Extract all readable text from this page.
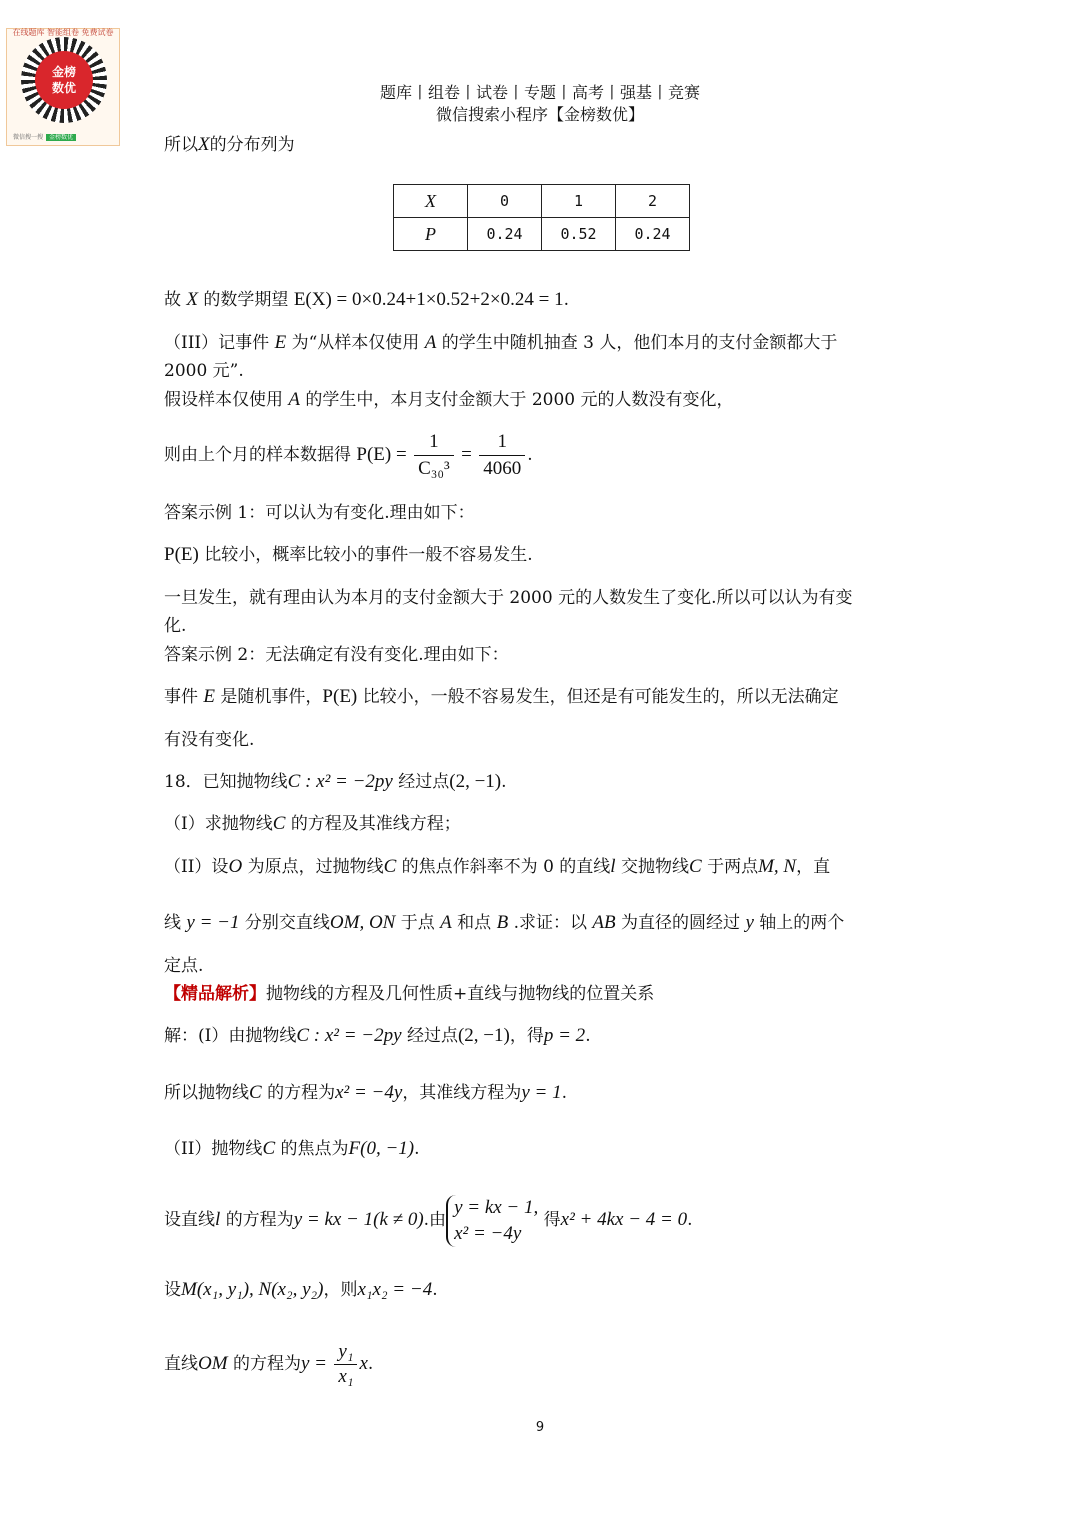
在线题库 智能组卷 免费试卷
金榜
数优
微信搜一搜 金榜数优
题库丨组卷丨试卷丨专题丨高考丨强基丨竞赛
微信搜索小程序【金榜数优】
所以X的分布列为
X	0	1	2
P	0.24	0.52	0.24
故 X 的数学期望 E(X) = 0×0.24+1×0.52+2×0.24 = 1.
（III）记事件 E 为“从样本仅使用 A 的学生中随机抽查 3 人，他们本月的支付金额都大于
2000 元”.
假设样本仅使用 A 的学生中，本月支付金额大于 2000 元的人数没有变化，
则由上个月的样本数据得 $P(E) = \frac{1}{\text{C₃₀³}} = \frac{1}{4060}$ .
答案示例 1：可以认为有变化.理由如下：
P(E) 比较小，概率比较小的事件一般不容易发生.
一旦发生，就有理由认为本月的支付金额大于 2000 元的人数发生了变化.所以可以认为有变
化.
答案示例 2：无法确定有没有变化.理由如下：
事件 E 是随机事件，P(E) 比较小，一般不容易发生，但还是有可能发生的，所以无法确定
有没有变化.
18．已知抛物线C : x² = −2py 经过点(2, −1).
（I）求抛物线C 的方程及其准线方程；
（II）设O 为原点，过抛物线C 的焦点作斜率不为 0 的直线l 交抛物线C 于两点M, N，直
线 y = −1 分别交直线OM, ON 于点 A 和点 B .求证：以 AB 为直径的圆经过 y 轴上的两个
定点.
【精品解析】抛物线的方程及几何性质+直线与抛物线的位置关系
解：(I）由抛物线C : x² = −2py 经过点(2, −1)，得p = 2.
所以抛物线C 的方程为x² = −4y，其准线方程为y = 1.
（II）抛物线C 的焦点为F(0, −1).
设直线l 的方程为y = kx − 1(k ≠ 0).由y = kx − 1,
x² = −4y 得x² + 4kx − 4 = 0.
设M(x₁, y₁), N(x₂, y₂)，则x₁x₂ = −4.
直线OM 的方程为$y = \frac{\text{y₁}}{\text{x₁}} x$.
9
